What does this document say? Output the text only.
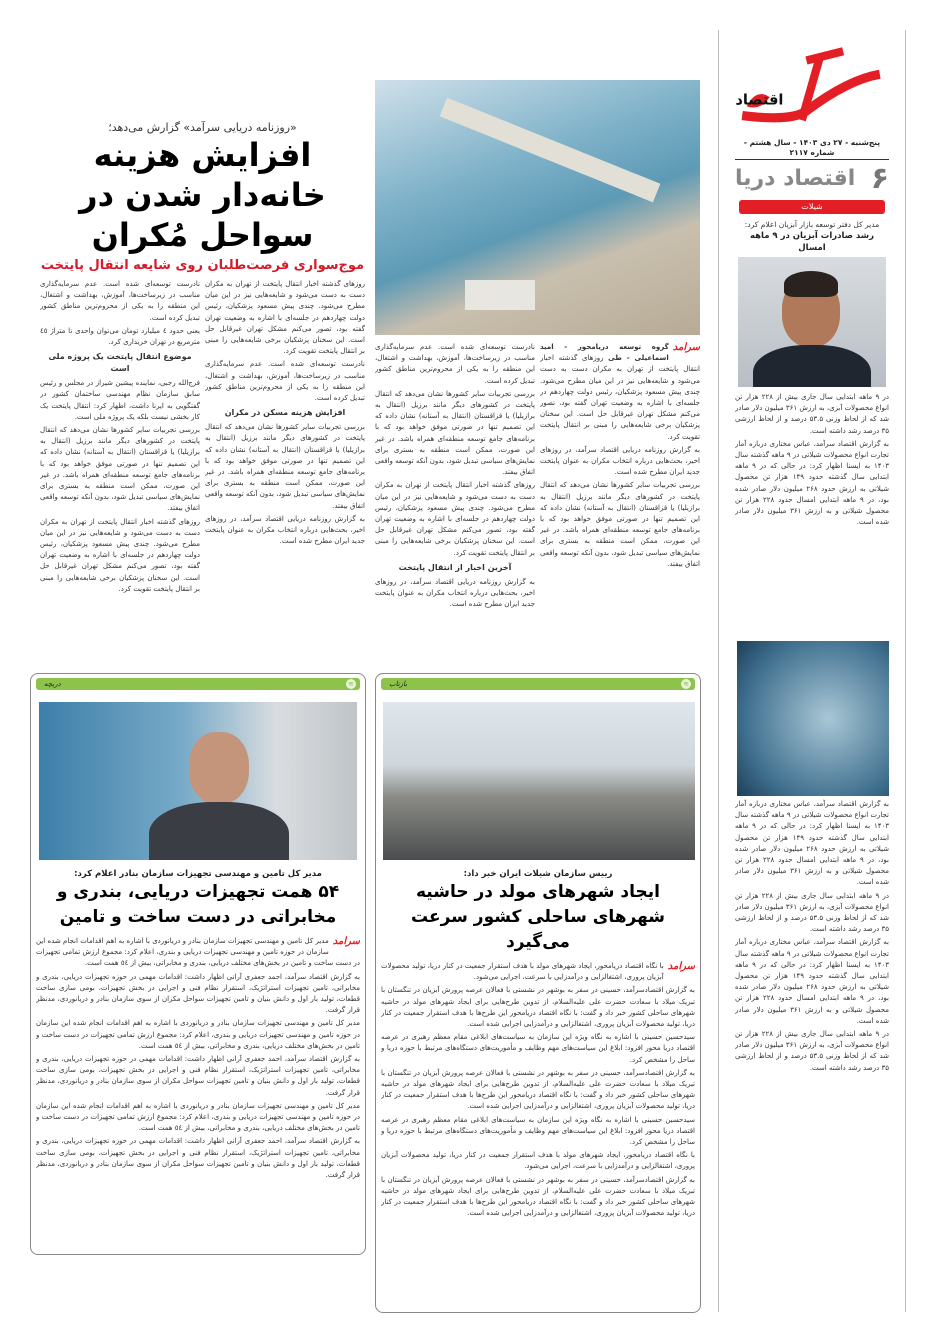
اقتصاد
پنج‌شنبه - ۲۷ دی ۱۴۰۳ - سال هشتم - شماره ۲۱۱۷
۶
اقتصاد دریا
شیلات
مدیر کل دفتر توسعه بازار آبزیان اعلام کرد:
رشد صادرات آبزیان در ۹ ماهه امسال

در ۹ ماهه ابتدایی سال جاری بیش از ۲۲۸ هزار تن انواع محصولات آبزی، به ارزش ۳۶۱ میلیون دلار صادر شد که از لحاظ وزنی ۵۳.۵ درصد و از لحاظ ارزشی ۳۵ درصد رشد داشته است.

به گزارش اقتصاد سرآمد، عباس مختاری درباره آمار تجارت انواع محصولات شیلاتی در ۹ ماهه گذشته سال ۱۴۰۳ به ایسنا اظهار کرد: در حالی که در ۹ ماهه ابتدایی سال گذشته حدود ۱۴۹ هزار تن محصول شیلاتی به ارزش حدود ۲۶۸ میلیون دلار صادر شده بود، در ۹ ماهه ابتدایی امسال حدود ۲۲۸ هزار تن محصول شیلاتی و به ارزش ۳۶۱ میلیون دلار صادر شده است.

به گزارش اقتصاد سرآمد، عباس مختاری درباره آمار تجارت انواع محصولات شیلاتی در ۹ ماهه گذشته سال ۱۴۰۳ به ایسنا اظهار کرد: در حالی که در ۹ ماهه ابتدایی سال گذشته حدود ۱۴۹ هزار تن محصول شیلاتی به ارزش حدود ۲۶۸ میلیون دلار صادر شده بود، در ۹ ماهه ابتدایی امسال حدود ۲۲۸ هزار تن محصول شیلاتی و به ارزش ۳۶۱ میلیون دلار صادر شده است.

در ۹ ماهه ابتدایی سال جاری بیش از ۲۲۸ هزار تن انواع محصولات آبزی، به ارزش ۳۶۱ میلیون دلار صادر شد که از لحاظ وزنی ۵۳.۵ درصد و از لحاظ ارزشی ۳۵ درصد رشد داشته است.

به گزارش اقتصاد سرآمد، عباس مختاری درباره آمار تجارت انواع محصولات شیلاتی در ۹ ماهه گذشته سال ۱۴۰۳ به ایسنا اظهار کرد: در حالی که در ۹ ماهه ابتدایی سال گذشته حدود ۱۴۹ هزار تن محصول شیلاتی به ارزش حدود ۲۶۸ میلیون دلار صادر شده بود، در ۹ ماهه ابتدایی امسال حدود ۲۲۸ هزار تن محصول شیلاتی و به ارزش ۳۶۱ میلیون دلار صادر شده است.

در ۹ ماهه ابتدایی سال جاری بیش از ۲۲۸ هزار تن انواع محصولات آبزی، به ارزش ۳۶۱ میلیون دلار صادر شد که از لحاظ وزنی ۵۳.۵ درصد و از لحاظ ارزشی ۳۵ درصد رشد داشته است.

«روزنامه دریایی سرآمد» گزارش می‌دهد؛
افزایش هزینه خانه‌دار شدن در سواحل مُکران
موج‌سواری فرصت‌طلبان روی شایعه انتقال پایتخت

روزهای گذشته اخبار انتقال پایتخت از تهران به مکران دست به دست می‌شود و شایعه‌هایی نیز در این میان مطرح می‌شود. چندی پیش مسعود پزشکیان، رئیس دولت چهاردهم در جلسه‌ای با اشاره به وضعیت تهران گفته بود، تصور می‌کنم مشکل تهران غیرقابل حل است. این سخنان پزشکیان برخی شایعه‌هایی را مبنی بر انتقال پایتخت تقویت کرد.

نادرست توسعه‌ای شده است. عدم سرمایه‌گذاری مناسب در زیرساخت‌ها، آموزش، بهداشت و اشتغال، این منطقه را به یکی از محروم‌ترین مناطق کشور تبدیل کرده است.

افزایش هزینه مسکن در مکران

بررسی تجربیات سایر کشورها نشان می‌دهد که انتقال پایتخت در کشورهای دیگر مانند برزیل (انتقال به برازیلیا) یا قزاقستان (انتقال به آستانه) نشان داده که این تصمیم تنها در صورتی موفق خواهد بود که با برنامه‌های جامع توسعه منطقه‌ای همراه باشد. در غیر این صورت، ممکن است منطقه به بستری برای نمایش‌های سیاسی تبدیل شود، بدون آنکه توسعه واقعی اتفاق بیفتد.

به گزارش روزنامه دریایی اقتصاد سرآمد، در روزهای اخیر، بحث‌هایی درباره انتخاب مکران به عنوان پایتخت جدید ایران مطرح شده است.

نادرست توسعه‌ای شده است. عدم سرمایه‌گذاری مناسب در زیرساخت‌ها، آموزش، بهداشت و اشتغال، این منطقه را به یکی از محروم‌ترین مناطق کشور تبدیل کرده است.

یعنی حدود ٤ میلیارد تومان می‌توان واحدی تا متراژ ٤٥ مترمربع در تهران خریداری کرد.

موضوع انتقال پایتخت یک پروژه ملی است

فرج‌الله رجبی، نماینده پیشین شیراز در مجلس و رئیس سابق سازمان نظام مهندسی ساختمان کشور در گفتگویی به ایرنا داشت، اظهار کرد: انتقال پایتخت یک کار بخشی نیست بلکه یک پروژه ملی است.

بررسی تجربیات سایر کشورها نشان می‌دهد که انتقال پایتخت در کشورهای دیگر مانند برزیل (انتقال به برازیلیا) یا قزاقستان (انتقال به آستانه) نشان داده که این تصمیم تنها در صورتی موفق خواهد بود که با برنامه‌های جامع توسعه منطقه‌ای همراه باشد. در غیر این صورت، ممکن است منطقه به بستری برای نمایش‌های سیاسی تبدیل شود، بدون آنکه توسعه واقعی اتفاق بیفتد.

روزهای گذشته اخبار انتقال پایتخت از تهران به مکران دست به دست می‌شود و شایعه‌هایی نیز در این میان مطرح می‌شود. چندی پیش مسعود پزشکیان، رئیس دولت چهاردهم در جلسه‌ای با اشاره به وضعیت تهران گفته بود، تصور می‌کنم مشکل تهران غیرقابل حل است. این سخنان پزشکیان برخی شایعه‌هایی را مبنی بر انتقال پایتخت تقویت کرد.

سرآمد

گروه توسعه دریامحور - امید اسماعیلی - طی روزهای گذشته اخبار انتقال پایتخت از تهران به مکران دست به دست می‌شود و شایعه‌هایی نیز در این میان مطرح می‌شود. چندی پیش مسعود پزشکیان، رئیس دولت چهاردهم در جلسه‌ای با اشاره به وضعیت تهران گفته بود، تصور می‌کنم مشکل تهران غیرقابل حل است. این سخنان پزشکیان برخی شایعه‌هایی را مبنی بر انتقال پایتخت تقویت کرد.

به گزارش روزنامه دریایی اقتصاد سرآمد، در روزهای اخیر، بحث‌هایی درباره انتخاب مکران به عنوان پایتخت جدید ایران مطرح شده است.

بررسی تجربیات سایر کشورها نشان می‌دهد که انتقال پایتخت در کشورهای دیگر مانند برزیل (انتقال به برازیلیا) یا قزاقستان (انتقال به آستانه) نشان داده که این تصمیم تنها در صورتی موفق خواهد بود که با برنامه‌های جامع توسعه منطقه‌ای همراه باشد. در غیر این صورت، ممکن است منطقه به بستری برای نمایش‌های سیاسی تبدیل شود، بدون آنکه توسعه واقعی اتفاق بیفتد.

نادرست توسعه‌ای شده است. عدم سرمایه‌گذاری مناسب در زیرساخت‌ها، آموزش، بهداشت و اشتغال، این منطقه را به یکی از محروم‌ترین مناطق کشور تبدیل کرده است.

بررسی تجربیات سایر کشورها نشان می‌دهد که انتقال پایتخت در کشورهای دیگر مانند برزیل (انتقال به برازیلیا) یا قزاقستان (انتقال به آستانه) نشان داده که این تصمیم تنها در صورتی موفق خواهد بود که با برنامه‌های جامع توسعه منطقه‌ای همراه باشد. در غیر این صورت، ممکن است منطقه به بستری برای نمایش‌های سیاسی تبدیل شود، بدون آنکه توسعه واقعی اتفاق بیفتد.

روزهای گذشته اخبار انتقال پایتخت از تهران به مکران دست به دست می‌شود و شایعه‌هایی نیز در این میان مطرح می‌شود. چندی پیش مسعود پزشکیان، رئیس دولت چهاردهم در جلسه‌ای با اشاره به وضعیت تهران گفته بود، تصور می‌کنم مشکل تهران غیرقابل حل است. این سخنان پزشکیان برخی شایعه‌هایی را مبنی بر انتقال پایتخت تقویت کرد.

آخرین اخبار از انتقال پایتخت

به گزارش روزنامه دریایی اقتصاد سرآمد، در روزهای اخیر، بحث‌هایی درباره انتخاب مکران به عنوان پایتخت جدید ایران مطرح شده است.

بازتاب	≋
رییس سازمان شیلات ایران خبر داد:
ایجاد شهرهای مولد در حاشیه شهرهای ساحلی کشور سرعت می‌گیرد
سرآمد

با نگاه اقتصاد دریامحور، ایجاد شهرهای مولد با هدف استقرار جمعیت در کنار دریا، تولید محصولات آبزیان پروری، اشتغالزایی و درآمدزایی با سرعت، اجرایی می‌شود.

به گزارش اقتصادسرآمد، حسینی در سفر به بوشهر در نشستی با فعالان عرصه پرورش آبزیان در تنگستان با تبریک میلاد با سعادت حضرت علی علیه‌السلام، از تدوین طرح‌هایی برای ایجاد شهرهای مولد در حاشیه شهرهای ساحلی کشور خبر داد و گفت: با نگاه اقتصاد دریامحور این طرح‌ها با هدف استقرار جمعیت در کنار دریا، تولید محصولات آبزیان پروری، اشتغالزایی و درآمدزایی اجرایی شده است.

سیدحسین حسینی با اشاره به نگاه ویژه این سازمان به سیاست‌های ابلاغی مقام معظم رهبری در عرصه اقتصاد دریا محور افزود: ابلاغ این سیاست‌های مهم وظایف و مأموریت‌های دستگاه‌های مرتبط با حوزه دریا و ساحل را مشخص کرد.

به گزارش اقتصادسرآمد، حسینی در سفر به بوشهر در نشستی با فعالان عرصه پرورش آبزیان در تنگستان با تبریک میلاد با سعادت حضرت علی علیه‌السلام، از تدوین طرح‌هایی برای ایجاد شهرهای مولد در حاشیه شهرهای ساحلی کشور خبر داد و گفت: با نگاه اقتصاد دریامحور این طرح‌ها با هدف استقرار جمعیت در کنار دریا، تولید محصولات آبزیان پروری، اشتغالزایی و درآمدزایی اجرایی شده است.

سیدحسین حسینی با اشاره به نگاه ویژه این سازمان به سیاست‌های ابلاغی مقام معظم رهبری در عرصه اقتصاد دریا محور افزود: ابلاغ این سیاست‌های مهم وظایف و مأموریت‌های دستگاه‌های مرتبط با حوزه دریا و ساحل را مشخص کرد.

با نگاه اقتصاد دریامحور، ایجاد شهرهای مولد با هدف استقرار جمعیت در کنار دریا، تولید محصولات آبزیان پروری، اشتغالزایی و درآمدزایی با سرعت، اجرایی می‌شود.

به گزارش اقتصادسرآمد، حسینی در سفر به بوشهر در نشستی با فعالان عرصه پرورش آبزیان در تنگستان با تبریک میلاد با سعادت حضرت علی علیه‌السلام، از تدوین طرح‌هایی برای ایجاد شهرهای مولد در حاشیه شهرهای ساحلی کشور خبر داد و گفت: با نگاه اقتصاد دریامحور این طرح‌ها با هدف استقرار جمعیت در کنار دریا، تولید محصولات آبزیان پروری، اشتغالزایی و درآمدزایی اجرایی شده است.

دریچه	≋
مدیر کل تامین و مهندسی تجهیزات سازمان بنادر اعلام کرد:
۵۴ همت تجهیزات دریایی، بندری و مخابراتی در دست ساخت و تامین
سرآمد

مدیر کل تامین و مهندسی تجهیزات سازمان بنادر و دریانوردی با اشاره به اهم اقدامات انجام شده این سازمان در حوزه تامین و مهندسی تجهیزات دریایی و بندری، اعلام کرد: مجموع ارزش تمامی تجهیزات در دست ساخت و تامین در بخش‌های مختلف دریایی، بندری و مخابراتی، بیش از ٥٤ همت است.

به گزارش اقتصاد سرآمد، احمد جعفری آرانی اظهار داشت: اقدامات مهمی در حوزه تجهیزات دریایی، بندری و مخابراتی، تامین تجهیزات استراتژیک، استقرار نظام فنی و اجرایی در بخش تجهیزات، بومی سازی ساخت قطعات، تولید بار اول و دانش بنیان و تامین تجهیزات سواحل مکران از سوی سازمان بنادر و دریانوردی، مدنظر قرار گرفت.

مدیر کل تامین و مهندسی تجهیزات سازمان بنادر و دریانوردی با اشاره به اهم اقدامات انجام شده این سازمان در حوزه تامین و مهندسی تجهیزات دریایی و بندری، اعلام کرد: مجموع ارزش تمامی تجهیزات در دست ساخت و تامین در بخش‌های مختلف دریایی، بندری و مخابراتی، بیش از ٥٤ همت است.

به گزارش اقتصاد سرآمد، احمد جعفری آرانی اظهار داشت: اقدامات مهمی در حوزه تجهیزات دریایی، بندری و مخابراتی، تامین تجهیزات استراتژیک، استقرار نظام فنی و اجرایی در بخش تجهیزات، بومی سازی ساخت قطعات، تولید بار اول و دانش بنیان و تامین تجهیزات سواحل مکران از سوی سازمان بنادر و دریانوردی، مدنظر قرار گرفت.

مدیر کل تامین و مهندسی تجهیزات سازمان بنادر و دریانوردی با اشاره به اهم اقدامات انجام شده این سازمان در حوزه تامین و مهندسی تجهیزات دریایی و بندری، اعلام کرد: مجموع ارزش تمامی تجهیزات در دست ساخت و تامین در بخش‌های مختلف دریایی، بندری و مخابراتی، بیش از ٥٤ همت است.

به گزارش اقتصاد سرآمد، احمد جعفری آرانی اظهار داشت: اقدامات مهمی در حوزه تجهیزات دریایی، بندری و مخابراتی، تامین تجهیزات استراتژیک، استقرار نظام فنی و اجرایی در بخش تجهیزات، بومی سازی ساخت قطعات، تولید بار اول و دانش بنیان و تامین تجهیزات سواحل مکران از سوی سازمان بنادر و دریانوردی، مدنظر قرار گرفت.
